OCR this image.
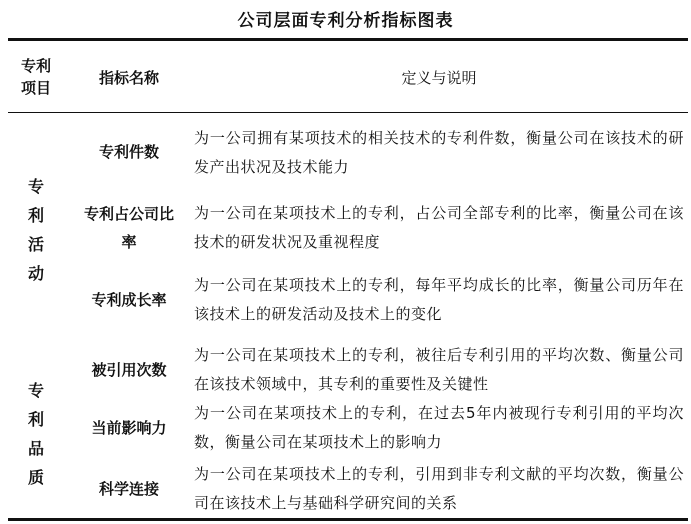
公司层面专利分析指标图表
专利
项目
指标名称	定义与说明
专
利
活
动
专
利
品
质
专利件数
为一公司拥有某项技术的相关技术的专利件数，衡量公司在该技术的研发产出状况及技术能力
专利占公司比率
为一公司在某项技术上的专利，占公司全部专利的比率，衡量公司在该技术的研发状况及重视程度
专利成长率
为一公司在某项技术上的专利，每年平均成长的比率，衡量公司历年在该技术上的研发活动及技术上的变化
被引用次数
为一公司在某项技术上的专利，被往后专利引用的平均次数、衡量公司在该技术领域中，其专利的重要性及关键性
当前影响力
为一公司在某项技术上的专利，在过去5年内被现行专利引用的平均次数，衡量公司在某项技术上的影响力
科学连接
为一公司在某项技术上的专利，引用到非专利文献的平均次数，衡量公司在该技术上与基础科学研究间的关系
